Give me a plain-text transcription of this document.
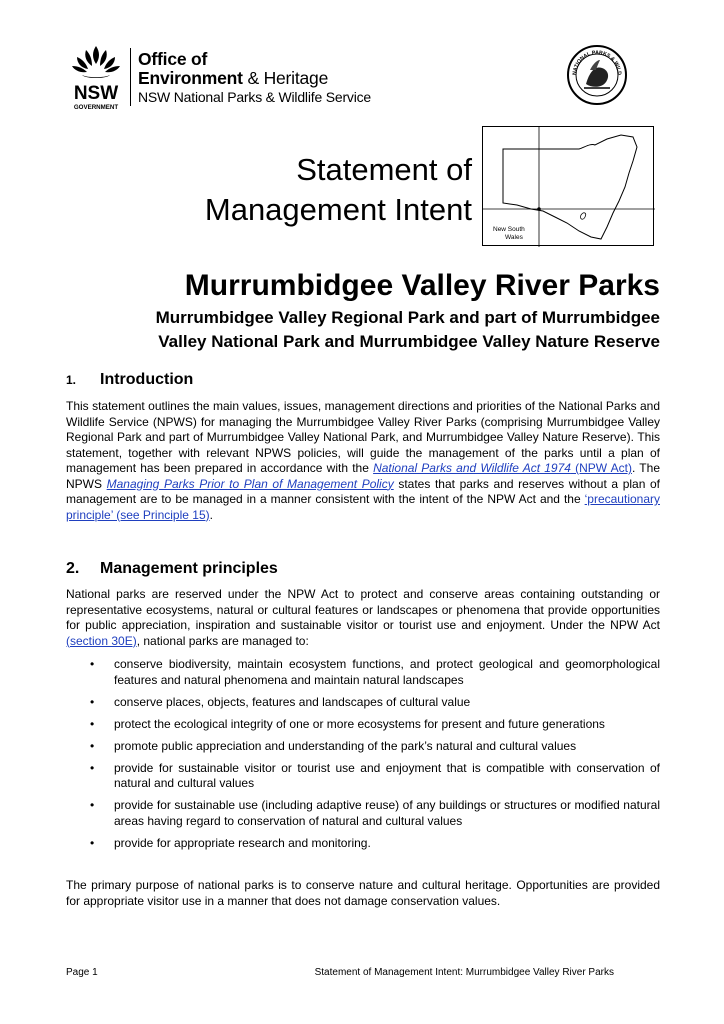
NSW
GOVERNMENT
Office of
Environment & Heritage
NSW National Parks & Wildlife Service
NATIONAL PARKS & WILD
Statement of
Management Intent
New South
Wales
Murrumbidgee Valley River Parks
Murrumbidgee Valley Regional Park and part of Murrumbidgee
Valley National Park and Murrumbidgee Valley Nature Reserve
1.	Introduction

This statement outlines the main values, issues, management directions and priorities of the National Parks and Wildlife Service (NPWS) for managing the Murrumbidgee Valley River Parks (comprising Murrumbidgee Valley Regional Park and part of Murrumbidgee Valley National Park, and Murrumbidgee Valley Nature Reserve). This statement, together with relevant NPWS policies, will guide the management of the parks until a plan of management has been prepared in accordance with the National Parks and Wildlife Act 1974 (NPW Act). The NPWS Managing Parks Prior to Plan of Management Policy states that parks and reserves without a plan of management are to be managed in a manner consistent with the intent of the NPW Act and the ‘precautionary principle’ (see Principle 15).

2.	Management principles

National parks are reserved under the NPW Act to protect and conserve areas containing outstanding or representative ecosystems, natural or cultural features or landscapes or phenomena that provide opportunities for public appreciation, inspiration and sustainable visitor or tourist use and enjoyment. Under the NPW Act (section 30E), national parks are managed to:

• conserve biodiversity, maintain ecosystem functions, and protect geological and geomorphological features and natural phenomena and maintain natural landscapes
• conserve places, objects, features and landscapes of cultural value
• protect the ecological integrity of one or more ecosystems for present and future generations
• promote public appreciation and understanding of the park’s natural and cultural values
• provide for sustainable visitor or tourist use and enjoyment that is compatible with conservation of natural and cultural values
• provide for sustainable use (including adaptive reuse) of any buildings or structures or modified natural areas having regard to conservation of natural and cultural values
• provide for appropriate research and monitoring.

The primary purpose of national parks is to conserve nature and cultural heritage. Opportunities are provided for appropriate visitor use in a manner that does not damage conservation values.

Page 1	Statement of Management Intent: Murrumbidgee Valley River Parks
